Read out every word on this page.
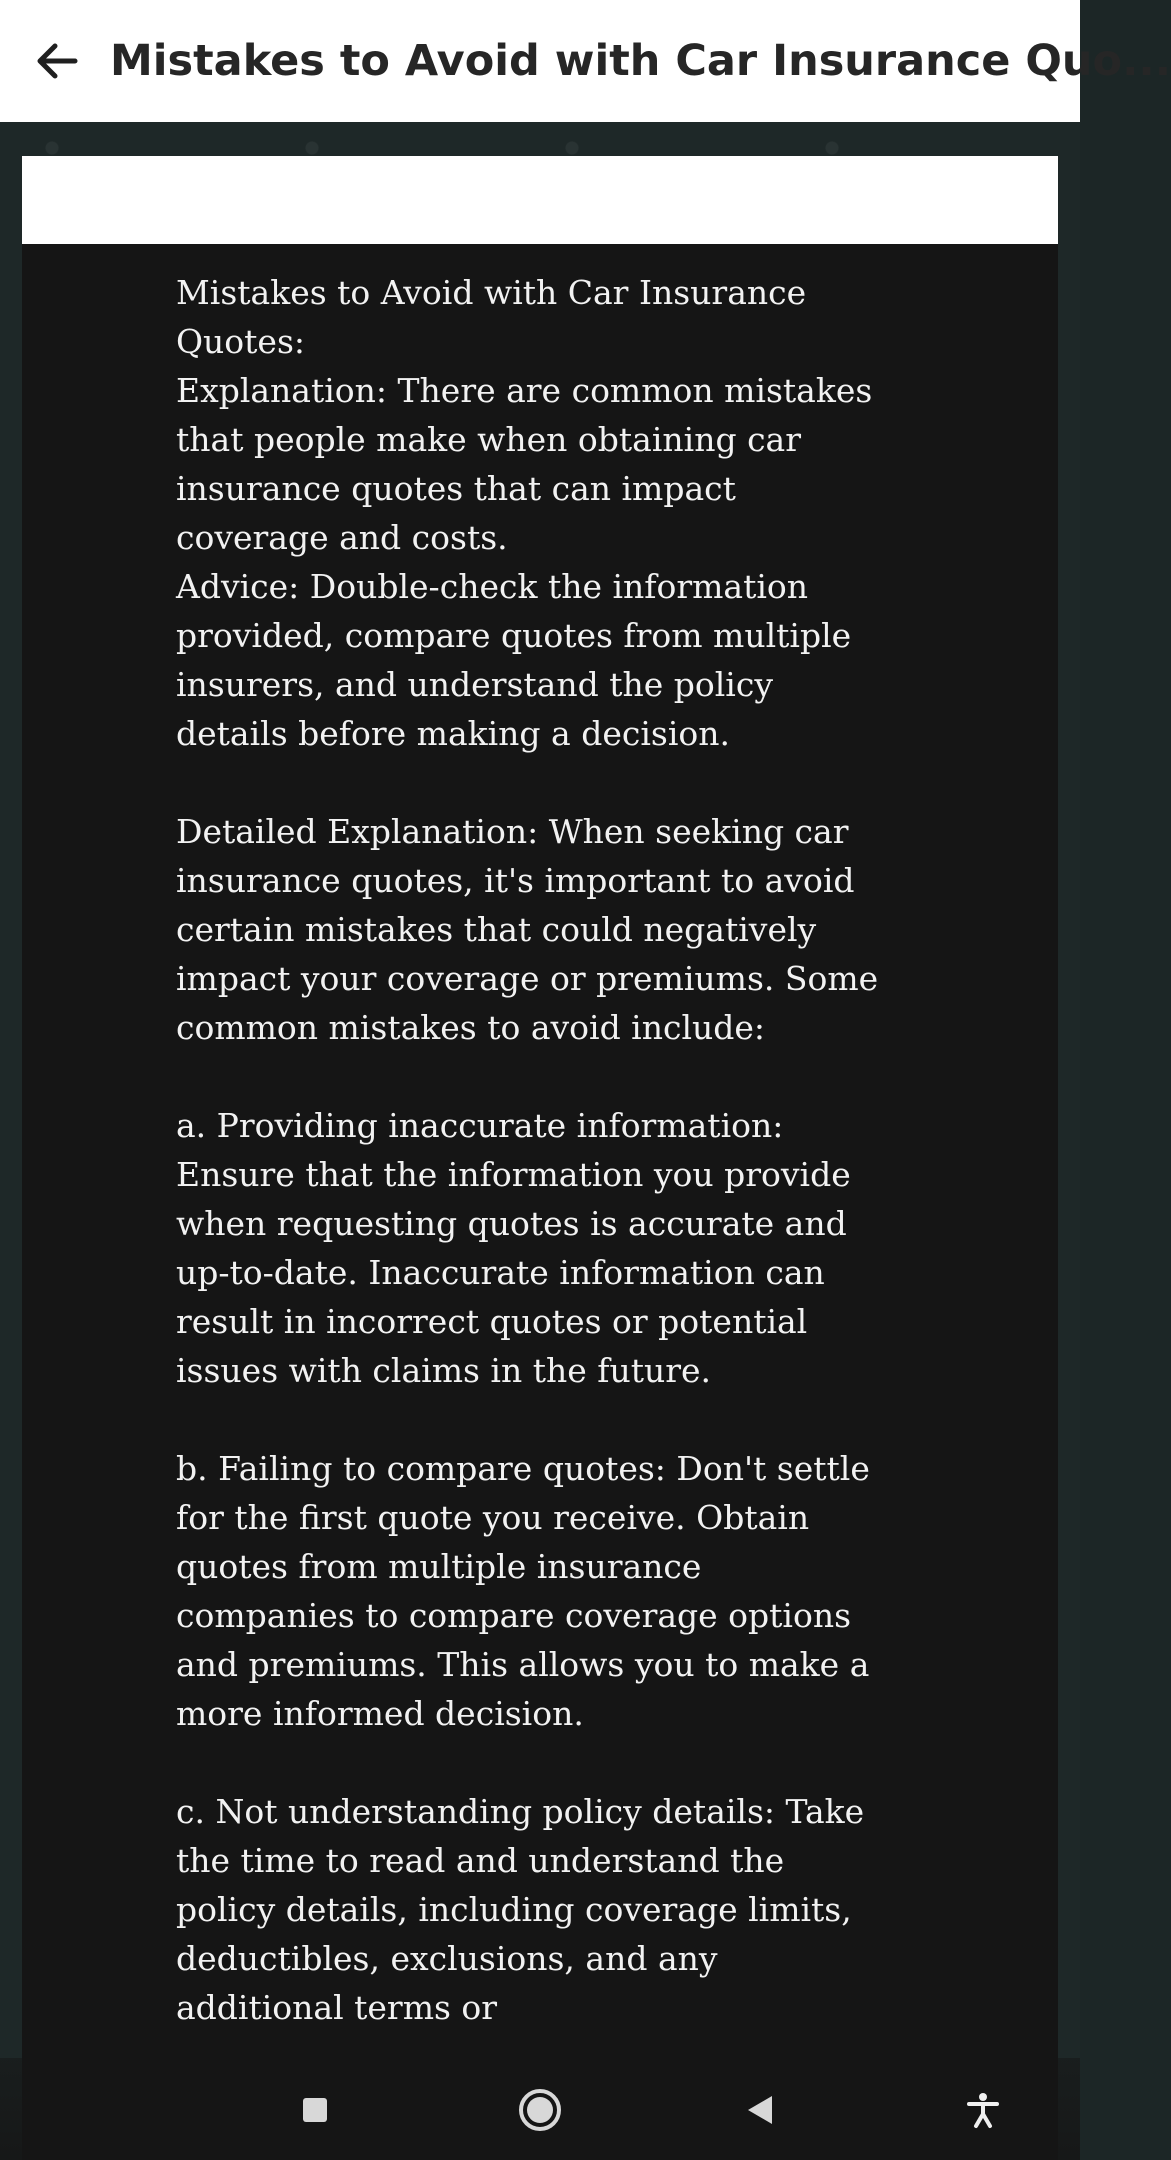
Mistakes to Avoid with Car Insurance Quo...
Mistakes to Avoid with Car Insurance Quotes:
Explanation: There are common mistakes that people make when obtaining car insurance quotes that can impact coverage and costs.
Advice: Double-check the information provided, compare quotes from multiple insurers, and understand the policy details before making a decision.
Detailed Explanation: When seeking car insurance quotes, it's important to avoid certain mistakes that could negatively impact your coverage or premiums. Some common mistakes to avoid include:
a. Providing inaccurate information: Ensure that the information you provide when requesting quotes is accurate and up-to-date. Inaccurate information can result in incorrect quotes or potential issues with claims in the future.
b. Failing to compare quotes: Don't settle for the first quote you receive. Obtain quotes from multiple insurance companies to compare coverage options and premiums. This allows you to make a more informed decision.
c. Not understanding policy details: Take the time to read and understand the policy details, including coverage limits, deductibles, exclusions, and any additional terms or
